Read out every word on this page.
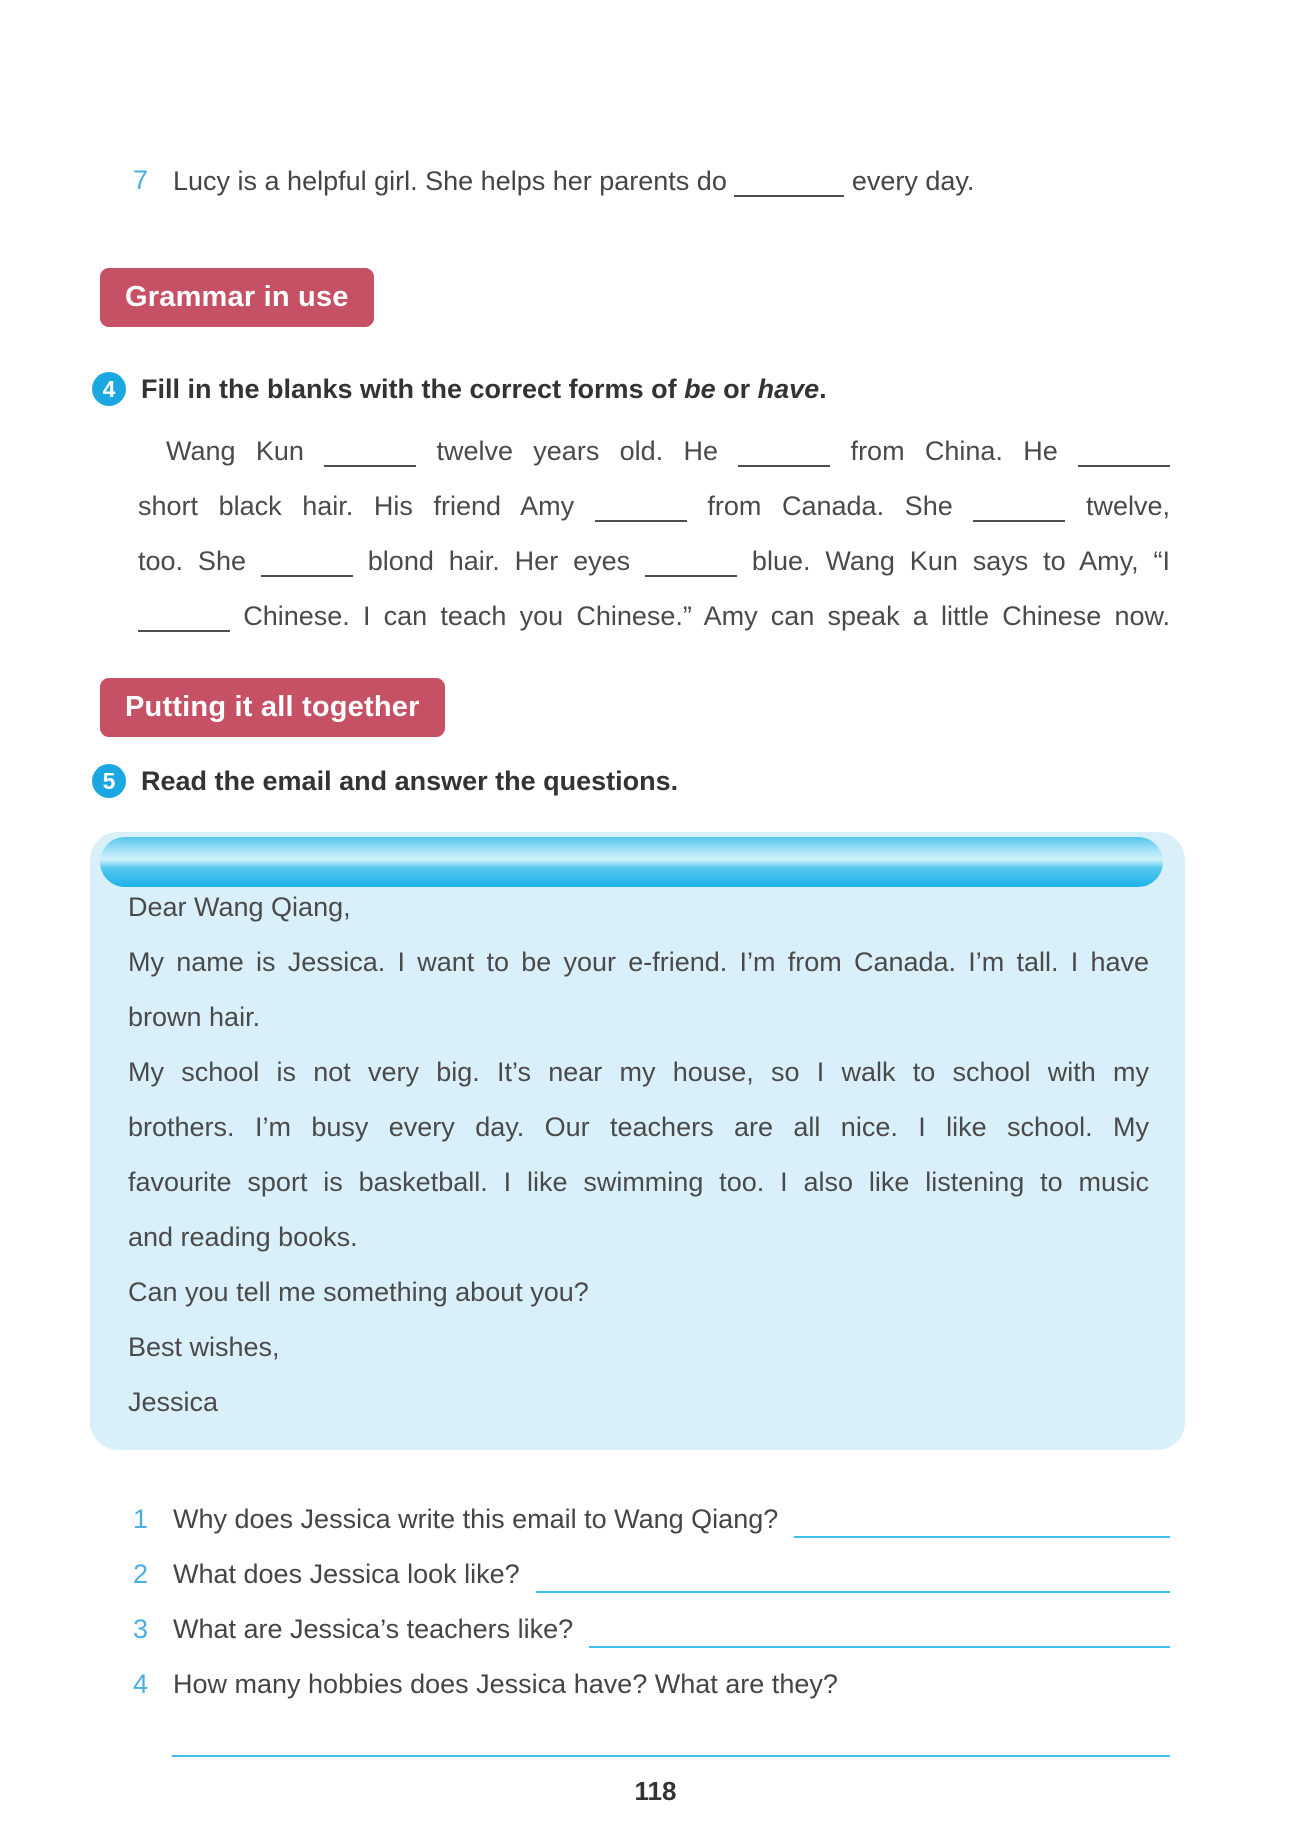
7 Lucy is a helpful girl. She helps her parents do	every day.
Grammar in use
4 Fill in the blanks with the correct forms of be or have.
Wang Kun	twelve years old. He	from China. He
short black hair. His friend Amy	from Canada. She	twelve,
too. She	blond hair. Her eyes	blue. Wang Kun says to Amy, “I
Chinese. I can teach you Chinese.” Amy can speak a little Chinese now.
Putting it all together
5 Read the email and answer the questions.
Dear Wang Qiang,
My name is Jessica. I want to be your e-friend. I’m from Canada. I’m tall. I have
brown hair.
My school is not very big. It’s near my house, so I walk to school with my
brothers. I’m busy every day. Our teachers are all nice. I like school. My
favourite sport is basketball. I like swimming too. I also like listening to music
and reading books.
Can you tell me something about you?
Best wishes,
Jessica
1 Why does Jessica write this email to Wang Qiang?
2 What does Jessica look like?
3 What are Jessica’s teachers like?
4 How many hobbies does Jessica have? What are they?
118
